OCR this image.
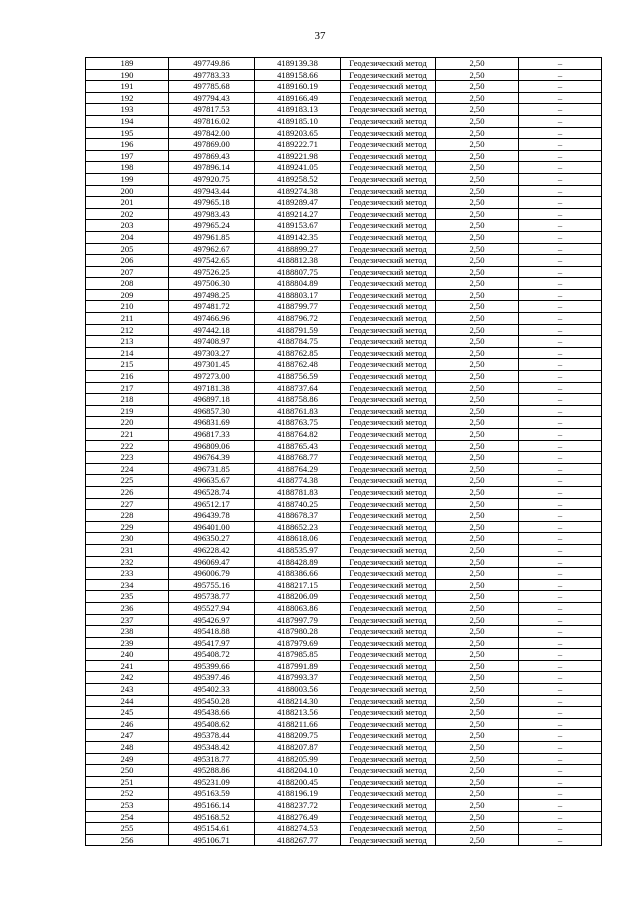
37
189	497749.86	4189139.38	Геодезический метод	2,50	–
190	497783.33	4189158.66	Геодезический метод	2,50	–
191	497785.68	4189160.19	Геодезический метод	2,50	–
192	497794.43	4189166.49	Геодезический метод	2,50	–
193	497817.53	4189183.13	Геодезический метод	2,50	–
194	497816.02	4189185.10	Геодезический метод	2,50	–
195	497842.00	4189203.65	Геодезический метод	2,50	–
196	497869.00	4189222.71	Геодезический метод	2,50	–
197	497869.43	4189221.98	Геодезический метод	2,50	–
198	497896.14	4189241.05	Геодезический метод	2,50	–
199	497920.75	4189258.52	Геодезический метод	2,50	–
200	497943.44	4189274.38	Геодезический метод	2,50	–
201	497965.18	4189289.47	Геодезический метод	2,50	–
202	497983.43	4189214.27	Геодезический метод	2,50	–
203	497965.24	4189153.67	Геодезический метод	2,50	–
204	497961.85	4189142.35	Геодезический метод	2,50	–
205	497962.67	4188899.27	Геодезический метод	2,50	–
206	497542.65	4188812.38	Геодезический метод	2,50	–
207	497526.25	4188807.75	Геодезический метод	2,50	–
208	497506.30	4188804.89	Геодезический метод	2,50	–
209	497498.25	4188803.17	Геодезический метод	2,50	–
210	497481.72	4188799.77	Геодезический метод	2,50	–
211	497466.96	4188796.72	Геодезический метод	2,50	–
212	497442.18	4188791.59	Геодезический метод	2,50	–
213	497408.97	4188784.75	Геодезический метод	2,50	–
214	497303.27	4188762.85	Геодезический метод	2,50	–
215	497301.45	4188762.48	Геодезический метод	2,50	–
216	497273.00	4188756.59	Геодезический метод	2,50	–
217	497181.38	4188737.64	Геодезический метод	2,50	–
218	496897.18	4188758.86	Геодезический метод	2,50	–
219	496857.30	4188761.83	Геодезический метод	2,50	–
220	496831.69	4188763.75	Геодезический метод	2,50	–
221	496817.33	4188764.82	Геодезический метод	2,50	–
222	496809.06	4188765.43	Геодезический метод	2,50	–
223	496764.39	4188768.77	Геодезический метод	2,50	–
224	496731.85	4188764.29	Геодезический метод	2,50	–
225	496635.67	4188774.38	Геодезический метод	2,50	–
226	496528.74	4188781.83	Геодезический метод	2,50	–
227	496512.17	4188740.25	Геодезический метод	2,50	–
228	496439.78	4188678.37	Геодезический метод	2,50	–
229	496401.00	4188652.23	Геодезический метод	2,50	–
230	496350.27	4188618.06	Геодезический метод	2,50	–
231	496228.42	4188535.97	Геодезический метод	2,50	–
232	496069.47	4188428.89	Геодезический метод	2,50	–
233	496006.79	4188386.66	Геодезический метод	2,50	–
234	495755.16	4188217.15	Геодезический метод	2,50	–
235	495738.77	4188206.09	Геодезический метод	2,50	–
236	495527.94	4188063.86	Геодезический метод	2,50	–
237	495426.97	4187997.79	Геодезический метод	2,50	–
238	495418.88	4187980.28	Геодезический метод	2,50	–
239	495417.97	4187979.69	Геодезический метод	2,50	–
240	495408.72	4187985.85	Геодезический метод	2,50	–
241	495399.66	4187991.89	Геодезический метод	2,50	–
242	495397.46	4187993.37	Геодезический метод	2,50	–
243	495402.33	4188003.56	Геодезический метод	2,50	–
244	495450.28	4188214.30	Геодезический метод	2,50	–
245	495438.66	4188213.56	Геодезический метод	2,50	–
246	495408.62	4188211.66	Геодезический метод	2,50	–
247	495378.44	4188209.75	Геодезический метод	2,50	–
248	495348.42	4188207.87	Геодезический метод	2,50	–
249	495318.77	4188205.99	Геодезический метод	2,50	–
250	495288.86	4188204.10	Геодезический метод	2,50	–
251	495231.09	4188200.45	Геодезический метод	2,50	–
252	495163.59	4188196.19	Геодезический метод	2,50	–
253	495166.14	4188237.72	Геодезический метод	2,50	–
254	495168.52	4188276.49	Геодезический метод	2,50	–
255	495154.61	4188274.53	Геодезический метод	2,50	–
256	495106.71	4188267.77	Геодезический метод	2,50	–
